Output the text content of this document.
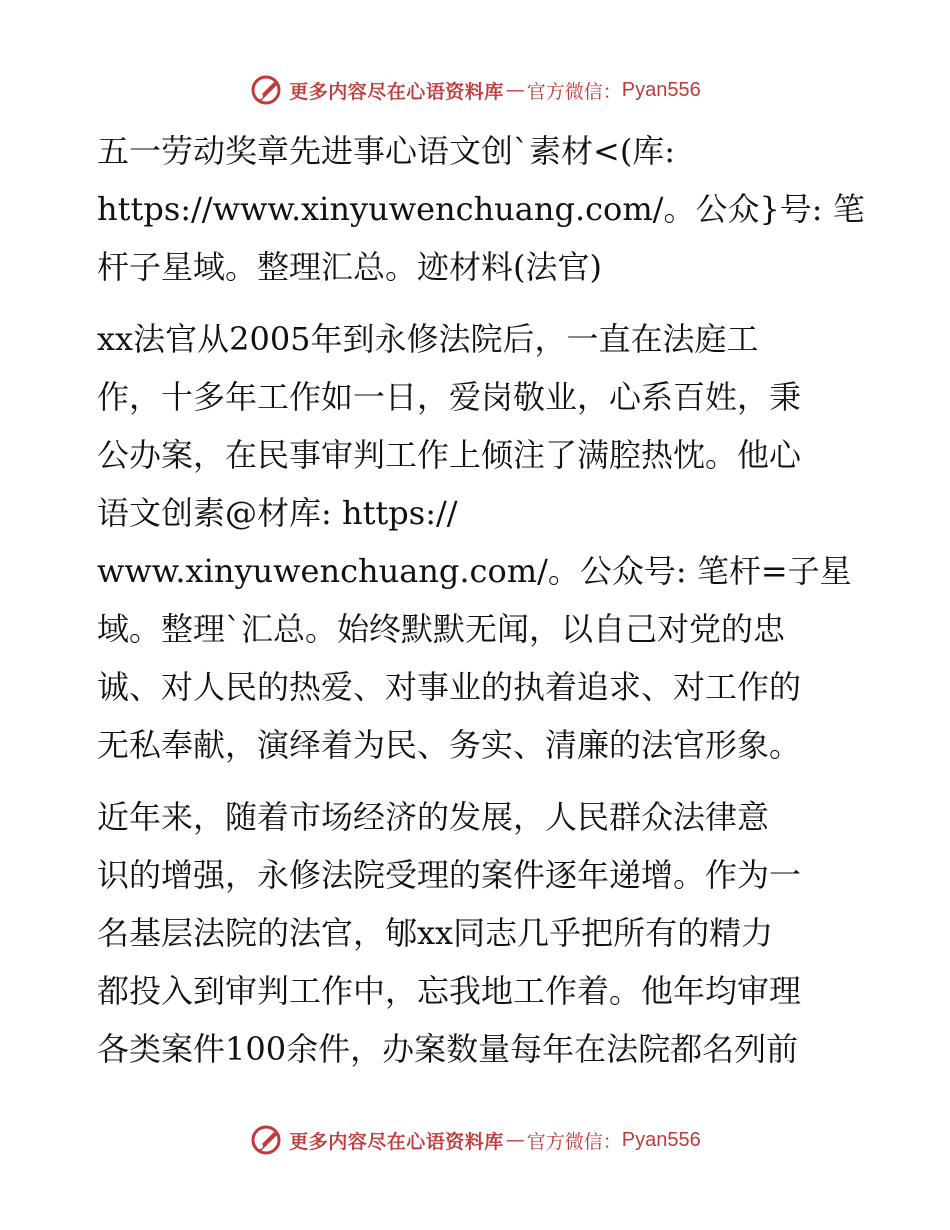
更多内容尽在心语资料库 — 官方微信： Pyan556

五一劳动奖章先进事心语文创`素材<(库:
https://www.xinyuwenchuang.com/。公众}号: 笔
杆子星域。整理汇总。迹材料(法官)

xx法官从2005年到永修法院后，一直在法庭工
作，十多年工作如一日，爱岗敬业，心系百姓，秉
公办案，在民事审判工作上倾注了满腔热忱。他心
语文创素@材库: https://
www.xinyuwenchuang.com/。公众号: 笔杆=子星
域。整理`汇总。始终默默无闻，以自己对党的忠
诚、对人民的热爱、对事业的执着追求、对工作的
无私奉献，演绎着为民、务实、清廉的法官形象。

近年来，随着市场经济的发展，人民群众法律意
识的增强，永修法院受理的案件逐年递增。作为一
名基层法院的法官，郇xx同志几乎把所有的精力
都投入到审判工作中，忘我地工作着。他年均审理
各类案件100余件，办案数量每年在法院都名列前

更多内容尽在心语资料库 — 官方微信： Pyan556
